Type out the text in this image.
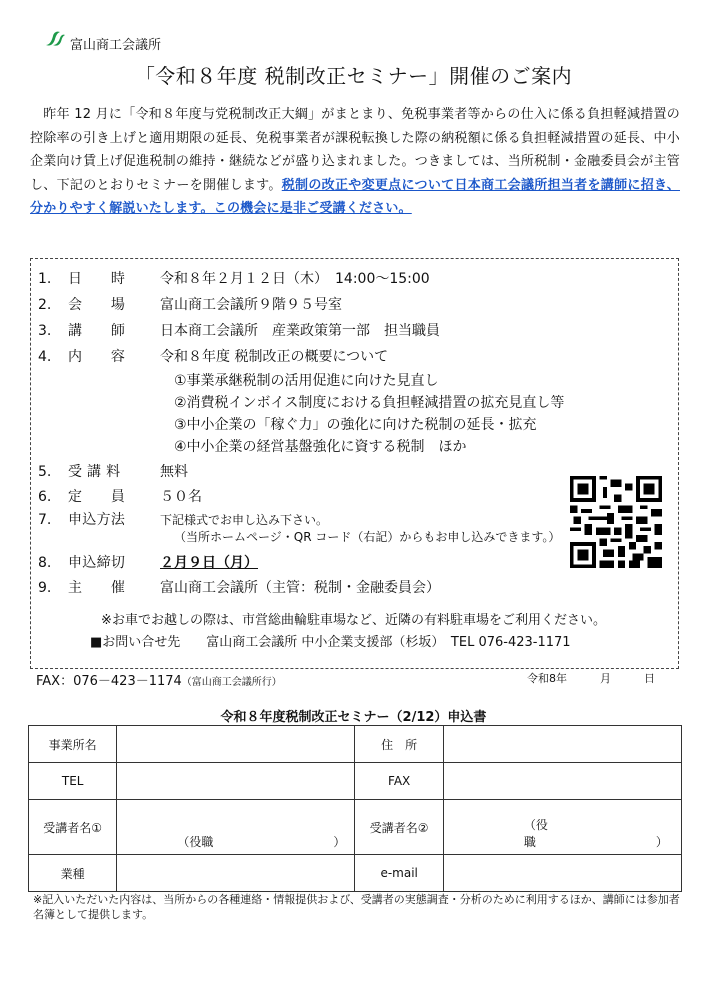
富山商工会議所
「令和８年度 税制改正セミナー」開催のご案内
　昨年 12 月に「令和８年度与党税制改正大綱」がまとまり、免税事業者等からの仕入に係る負担軽減措置の控除率の引き上げと適用期限の延長、免税事業者が課税転換した際の納税額に係る負担軽減措置の延長、中小企業向け賃上げ促進税制の維持・継続などが盛り込まれました。つきましては、当所税制・金融委員会が主管し、下記のとおりセミナーを開催します。税制の改正や変更点について日本商工会議所担当者を講師に招き、分かりやすく解説いたします。この機会に是非ご受講ください。
1. 日　　時 令和８年２月１２日（木）　14:00～15:00
2. 会　　場 富山商工会議所９階９５号室
3. 講　　師 日本商工会議所　産業政策第一部　担当職員
4. 内　　容 令和８年度 税制改正の概要について
①事業承継税制の活用促進に向けた見直し
②消費税インボイス制度における負担軽減措置の拡充見直し等
③中小企業の「稼ぐ力」の強化に向けた税制の延長・拡充
④中小企業の経営基盤強化に資する税制　ほか
5. 受 講 料	無料
6. 定　　員 ５０名
7. 申込方法	下記様式でお申し込み下さい。
（当所ホームページ・QR コード（右記）からもお申し込みできます。）
8. 申込締切 ２月９日（月）
9. 主　　催 富山商工会議所（主管：税制・金融委員会）
※お車でお越しの際は、市営総曲輪駐車場など、近隣の有料駐車場をご利用ください。
■お問い合せ先　　富山商工会議所 中小企業支援部（杉坂）　TEL 076-423-1171
FAX：076－423－1174（富山商工会議所行）	令和8年　　　月　　　日
令和８年度税制改正セミナー（2/12）申込書
事業所名		住　所	
TEL		FAX	
受講者名①	（役職　　　　　　　　　　）	受講者名②	（役職　　　　　　　　　　）

業種		e-mail	
※記入いただいた内容は、当所からの各種連絡・情報提供および、受講者の実態調査・分析のために利用するほか、講師には参加者名簿として提供します。
